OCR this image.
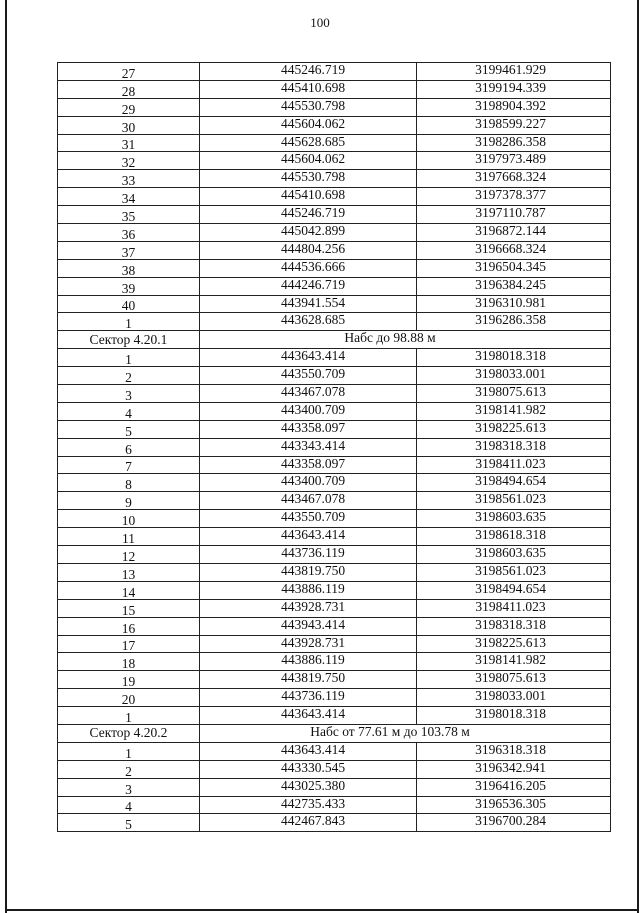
100
27	445246.719	3199461.929
28	445410.698	3199194.339
29	445530.798	3198904.392
30	445604.062	3198599.227
31	445628.685	3198286.358
32	445604.062	3197973.489
33	445530.798	3197668.324
34	445410.698	3197378.377
35	445246.719	3197110.787
36	445042.899	3196872.144
37	444804.256	3196668.324
38	444536.666	3196504.345
39	444246.719	3196384.245
40	443941.554	3196310.981
1	443628.685	3196286.358
Сектор 4.20.1	Набс до 98.88 м
1	443643.414	3198018.318
2	443550.709	3198033.001
3	443467.078	3198075.613
4	443400.709	3198141.982
5	443358.097	3198225.613
6	443343.414	3198318.318
7	443358.097	3198411.023
8	443400.709	3198494.654
9	443467.078	3198561.023
10	443550.709	3198603.635
11	443643.414	3198618.318
12	443736.119	3198603.635
13	443819.750	3198561.023
14	443886.119	3198494.654
15	443928.731	3198411.023
16	443943.414	3198318.318
17	443928.731	3198225.613
18	443886.119	3198141.982
19	443819.750	3198075.613
20	443736.119	3198033.001
1	443643.414	3198018.318
Сектор 4.20.2	Набс от 77.61 м до 103.78 м
1	443643.414	3196318.318
2	443330.545	3196342.941
3	443025.380	3196416.205
4	442735.433	3196536.305
5	442467.843	3196700.284
